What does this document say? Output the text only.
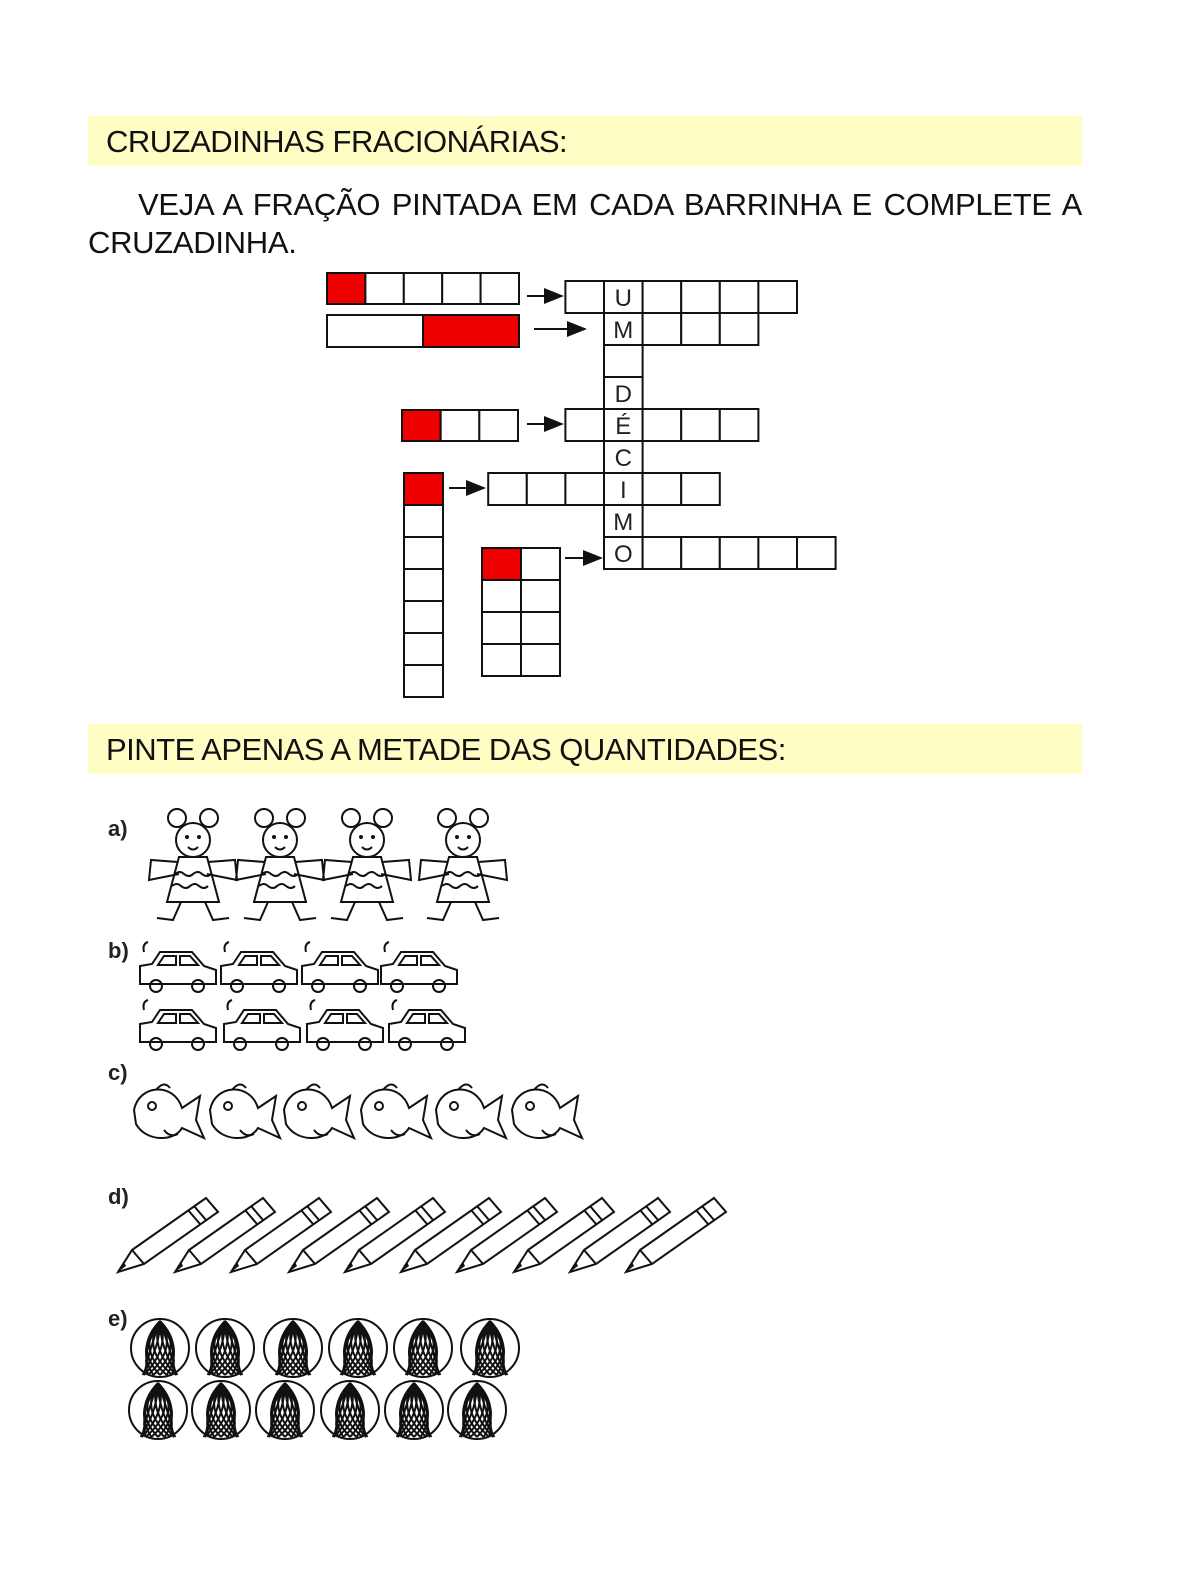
CRUZADINHAS FRACIONÁRIAS:
VEJA A FRAÇÃO PINTADA EM CADA BARRINHA E COMPLETE A CRUZADINHA.
PINTE APENAS A METADE DAS QUANTIDADES:
U
M
D
É
C
I
M
O
a)
b)
c)
d)
e)
